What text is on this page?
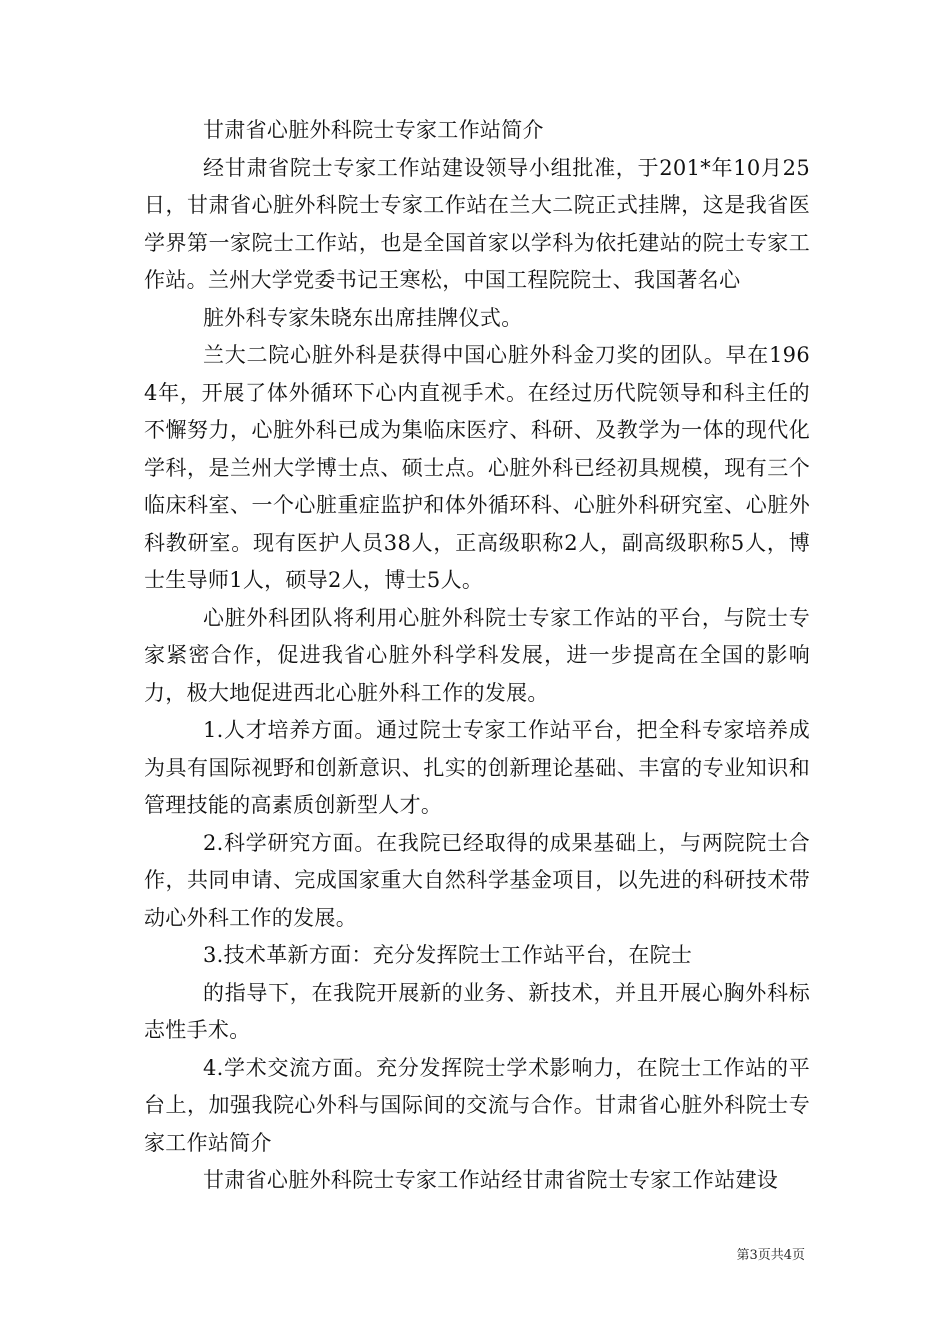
甘肃省心脏外科院士专家工作站简介

经甘肃省院士专家工作站建设领导小组批准，于201*年10月25日，甘肃省心脏外科院士专家工作站在兰大二院正式挂牌，这是我省医学界第一家院士工作站，也是全国首家以学科为依托建站的院士专家工作站。兰州大学党委书记王寒松，中国工程院院士、我国著名心

脏外科专家朱晓东出席挂牌仪式。

兰大二院心脏外科是获得中国心脏外科金刀奖的团队。早在1964年，开展了体外循环下心内直视手术。在经过历代院领导和科主任的不懈努力，心脏外科已成为集临床医疗、科研、及教学为一体的现代化学科，是兰州大学博士点、硕士点。心脏外科已经初具规模，现有三个临床科室、一个心脏重症监护和体外循环科、心脏外科研究室、心脏外科教研室。现有医护人员38人，正高级职称2人，副高级职称5人，博士生导师1人，硕导2人，博士5人。

心脏外科团队将利用心脏外科院士专家工作站的平台，与院士专家紧密合作，促进我省心脏外科学科发展，进一步提高在全国的影响力，极大地促进西北心脏外科工作的发展。

1.人才培养方面。通过院士专家工作站平台，把全科专家培养成为具有国际视野和创新意识、扎实的创新理论基础、丰富的专业知识和管理技能的高素质创新型人才。

2.科学研究方面。在我院已经取得的成果基础上，与两院院士合作，共同申请、完成国家重大自然科学基金项目，以先进的科研技术带动心外科工作的发展。

3.技术革新方面：充分发挥院士工作站平台，在院士

的指导下，在我院开展新的业务、新技术，并且开展心胸外科标志性手术。

4.学术交流方面。充分发挥院士学术影响力，在院士工作站的平台上，加强我院心外科与国际间的交流与合作。甘肃省心脏外科院士专家工作站简介

甘肃省心脏外科院士专家工作站经甘肃省院士专家工作站建设

第3页共4页
